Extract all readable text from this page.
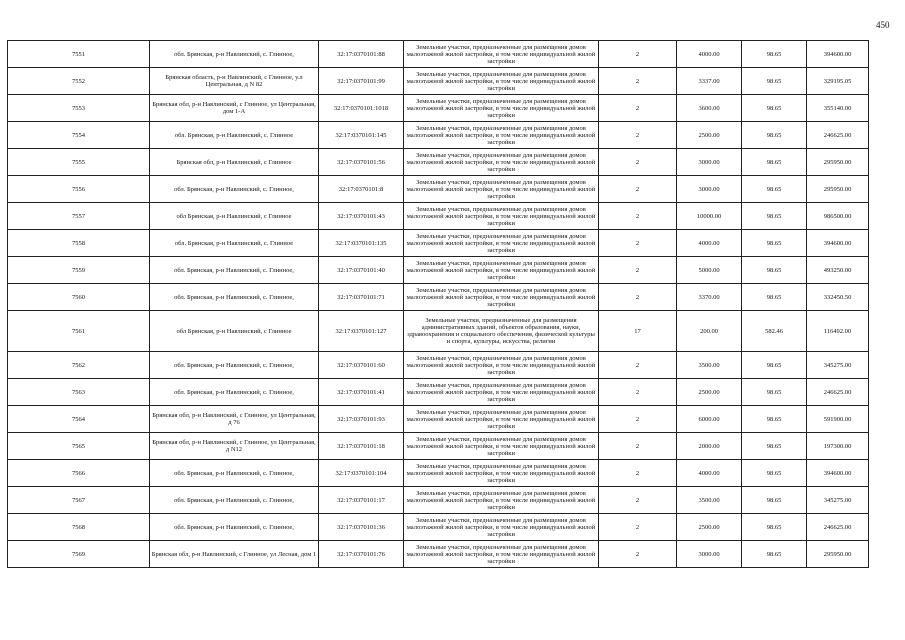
450
7551	обл. Брянская, р-н Навлинский, с. Глинное,	32:17:0370101:88	Земельные участки, предназначенные для размещения домов малоэтажной жилой застройки, в том числе индивидуальной жилой застройки	2	4000.00	98.65	394600.00
7552	Брянская область, р-н Навлинский, с Глинное, у.л Центральная, д N 82	32:17:0370101:99	Земельные участки, предназначенные для размещения домов малоэтажной жилой застройки, в том числе индивидуальной жилой застройки	2	3337.00	98.65	329195.05
7553	Брянская обл, р-н Навлинский, с Глинное, ул Центральная, дом 1-А	32:17:0370101:1018	Земельные участки, предназначенные для размещения домов малоэтажной жилой застройки, в том числе индивидуальной жилой застройки	2	3600.00	98.65	355140.00
7554	обл. Брянская, р-н Навлинский, с. Глинное	32:17:0370101:145	Земельные участки, предназначенные для размещения домов малоэтажной жилой застройки, в том числе индивидуальной жилой застройки	2	2500.00	98.65	246625.00
7555	Брянская обл, р-н Навлинский, с Глинное	32:17:0370101:56	Земельные участки, предназначенные для размещения домов малоэтажной жилой застройки, в том числе индивидуальной жилой застройки	2	3000.00	98.65	295950.00
7556	обл. Брянская, р-н Навлинский, с. Глинное,	32:17:0370101:8	Земельные участки, предназначенные для размещения домов малоэтажной жилой застройки, в том числе индивидуальной жилой застройки	2	3000.00	98.65	295950.00
7557	обл Брянская, р-н Навлинский, с Глинное	32:17:0370101:43	Земельные участки, предназначенные для размещения домов малоэтажной жилой застройки, в том числе индивидуальной жилой застройки	2	10000.00	98.65	986500.00
7558	обл. Брянская, р-н Навлинский, с. Глинное	32:17:0370101:135	Земельные участки, предназначенные для размещения домов малоэтажной жилой застройки, в том числе индивидуальной жилой застройки	2	4000.00	98.65	394600.00
7559	обл. Брянская, р-н Навлинский, с. Глинное,	32:17:0370101:40	Земельные участки, предназначенные для размещения домов малоэтажной жилой застройки, в том числе индивидуальной жилой застройки	2	5000.00	98.65	493250.00
7560	обл. Брянская, р-н Навлинский, с. Глинное,	32:17:0370101:71	Земельные участки, предназначенные для размещения домов малоэтажной жилой застройки, в том числе индивидуальной жилой застройки	2	3370.00	98.65	332450.50
7561	обл Брянская, р-н Навлинский, с Глинное	32:17:0370101:127	Земельные участки, предназначенные для размещения административных зданий, объектов образования, науки, здравоохранения и социального обеспечения, физической культуры и спорта, культуры, искусства, религии	17	200.00	582.46	116492.00
7562	обл. Брянская, р-н Навлинский, с. Глинное,	32:17:0370101:60	Земельные участки, предназначенные для размещения домов малоэтажной жилой застройки, в том числе индивидуальной жилой застройки	2	3500.00	98.65	345275.00
7563	обл. Брянская, р-н Навлинский, с. Глинное,	32:17:0370101:41	Земельные участки, предназначенные для размещения домов малоэтажной жилой застройки, в том числе индивидуальной жилой застройки	2	2500.00	98.65	246625.00
7564	Брянская обл, р-н Навлинский, с Глинное, ул Центральная, д 76	32:17:0370101:93	Земельные участки, предназначенные для размещения домов малоэтажной жилой застройки, в том числе индивидуальной жилой застройки	2	6000.00	98.65	591900.00
7565	Брянская обл, р-н Навлинский, с Глинное, ул Центральная, д N12	32:17:0370101:18	Земельные участки, предназначенные для размещения домов малоэтажной жилой застройки, в том числе индивидуальной жилой застройки	2	2000.00	98.65	197300.00
7566	обл. Брянская, р-н Навлинский, с. Глинное,	32:17:0370101:104	Земельные участки, предназначенные для размещения домов малоэтажной жилой застройки, в том числе индивидуальной жилой застройки	2	4000.00	98.65	394600.00
7567	обл. Брянская, р-н Навлинский, с. Глинное,	32:17:0370101:17	Земельные участки, предназначенные для размещения домов малоэтажной жилой застройки, в том числе индивидуальной жилой застройки	2	3500.00	98.65	345275.00
7568	обл. Брянская, р-н Навлинский, с. Глинное,	32:17:0370101:36	Земельные участки, предназначенные для размещения домов малоэтажной жилой застройки, в том числе индивидуальной жилой застройки	2	2500.00	98.65	246625.00
7569	Брянская обл, р-н Навлинский, с Глинное, ул Лесная, дом 1	32:17:0370101:76	Земельные участки, предназначенные для размещения домов малоэтажной жилой застройки, в том числе индивидуальной жилой застройки	2	3000.00	98.65	295950.00
